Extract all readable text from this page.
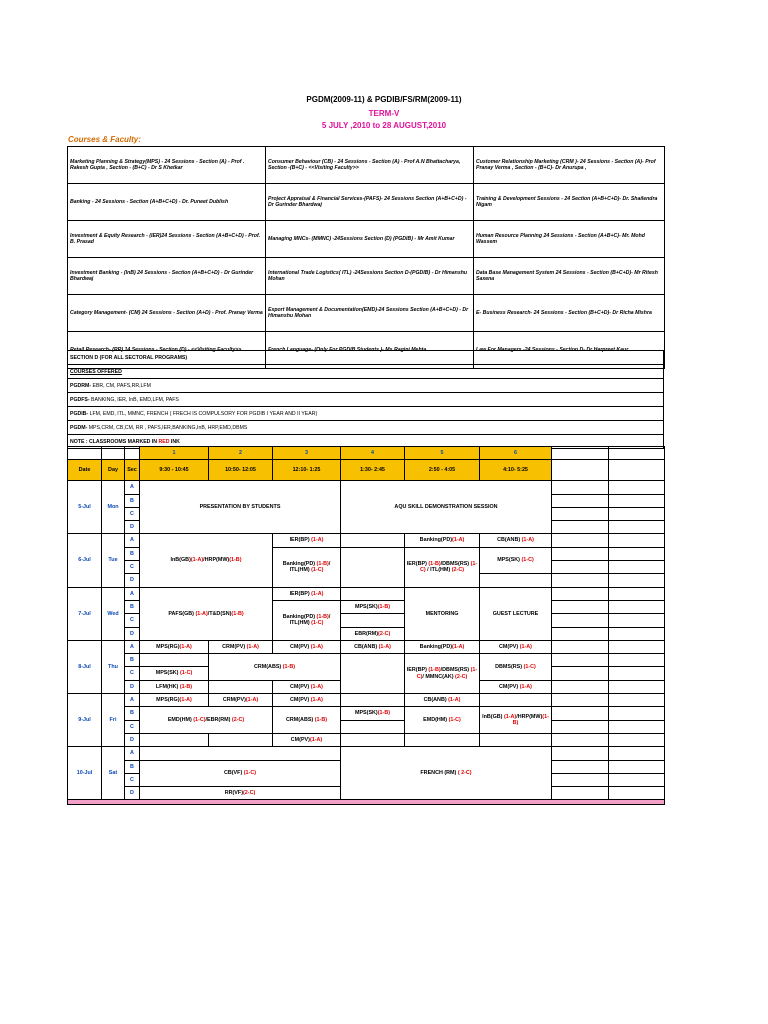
PGDM(2009-11) & PGDIB/FS/RM(2009-11)
TERM-V
5 JULY ,2010 to 28 AUGUST,2010
Courses & Faculty:
Marketing Planning & Strategy(MPS) - 24 Sessions - Section (A) - Prof . Rakesh Gupta , Section - (B+C) - Dr S Khetkar	Consumer Behaviour (CB) - 24 Sessions - Section (A) - Prof A.N Bhattacharya, Section -(B+C) - <<Visiting Faculty>>	Customer Relationship Marketing (CRM )- 24 Sessions - Section (A)- Prof Pranay Verma , Section - (B+C)- Dr Anurupa ,
Banking - 24 Sessions - Section (A+B+C+D) - Dr. Puneet Dublish	Project Appraisal & Financial Services-(PAFS)- 24 Sessions Section (A+B+C+D) - Dr Gurinder Bhardwaj	Training & Development Sessions - 24 Section (A+B+C+D)- Dr. Shailendra Nigam
Investment & Equity Research - (IER)24 Sessions - Section (A+B+C+D) - Prof. B. Prasad	Managing MNCs- (MMNC) -24Sessions Section (D) (PGDIB) - Mr Amit Kumar	Human Resource Planning 24 Sessions - Section (A+B+C)- Mr. Mohd Wassem
Investment Banking - (InB) 24 Sessions - Section (A+B+C+D) - Dr Gurinder Bhardwaj	International Trade Logistics( ITL) -24Sessions Section D-(PGDIB) - Dr Himanshu Mohan	Data Base Management System 24 Sessions - Section (B+C+D)- Mr Ritesh Saxena
Category Management- (CM) 24 Sessions - Section (A+D) - Prof. Pranay Verma	Export Management & Documentation(EMD)-24 Sessions Section (A+B+C+D) - Dr Himanshu Mohan	E- Business Research- 24 Sessions - Section (B+C+D)- Dr Richa Mishra
Retail Research- (RR) 14 Sessions - Section (D) - <<Visiting Faculty>>	French Language- (Only For PGDIB Students )- Ms Ragini Mehta	Law For Managers -24 Sessions - Section D- Dr Harpreet Kaur
SECTION D (FOR ALL SECTORAL PROGRAMS)
COURSES OFFERED
PGDRM- EBR, CM, PAFS,RR,LFM
PGDFS- BANKING, IER, InB, EMD,LFM, PAFS
PGDIB- LFM, EMD, ITL, MMNC, FRENCH ( FRECH IS COMPULSORY FOR PGDIB I YEAR AND II YEAR)
PGDM- MPS,CRM, CB,CM, RR , PAFS,IER,BANKING,InB, HRP,EMD,DBMS
NOTE : CLASSROOMS MARKED IN RED INK
			1	2	3	4	5	6		
Date	Day	Sec	9:30 - 10:45	10:50- 12:05	12:10- 1:25	1:30- 2:45	2:50 - 4:05	4:10- 5:25		
5-Jul	Mon	A	PRESENTATION BY STUDENTS			AQU SKILL DEMONSTRATION SESSION				
		B								
		C								
		D								
6-Jul	Tue	A	InB(GB)(1-A)/HRP(MW)(1-B)		IER(BP) (1-A)		Banking(PD)(1-A)	CB(ANB) (1-A)		
		B			Banking(PD) (1-B)/ ITL(HM) (1-C)		IER(BP) (1-B)/DBMS(RS) (1-C) / ITL(HM) (2-C)	MPS(SK) (1-C)		
		C								
		D								
7-Jul	Wed	A	PAFS(GB) (1-A)/T&D(SN)(1-B)		IER(BP) (1-A)		MENTORING	GUEST LECTURE		
		B			Banking(PD) (1-B)/ ITL(HM) (1-C)	MPS(SK)(1-B)				
		C								
		D				EBR(RM)(2-C)				
8-Jul	Thu	A	MPS(RG)(1-A)	CRM(PV) (1-A)	CM(PV) (1-A)	CB(ANB) (1-A)	Banking(PD)(1-A)	CM(PV) (1-A)		
		B		CRM(ABS) (1-B)			IER(BP) (1-B)/DBMS(RS) (1-C)/ MMNC(AK) (2-C)	DBMS(RS) (1-C)		
		C	MPS(SK) (1-C)							
		D	LFM(HK) (1-B)		CM(PV) (1-A)			CM(PV) (1-A)		
9-Jul	Fri	A	MPS(RG)(1-A)	CRM(PV)(1-A)	CM(PV) (1-A)		CB(ANB) (1-A)			
		B	EMD(HM) (1-C)/EBR(RM) (2-C)		CRM(ABS) (1-B)	MPS(SK)(1-B)	EMD(HM) (1-C)	InB(GB) (1-A)/HRP(MW)(1-B)		
		C								
		D			CM(PV)(1-A)					
10-Jul	Sat	A				FRENCH (RM) ( 2-C)				
		B	CB(VF) (1-C)							
		C								
		D	RR(VF)(2-C)							
